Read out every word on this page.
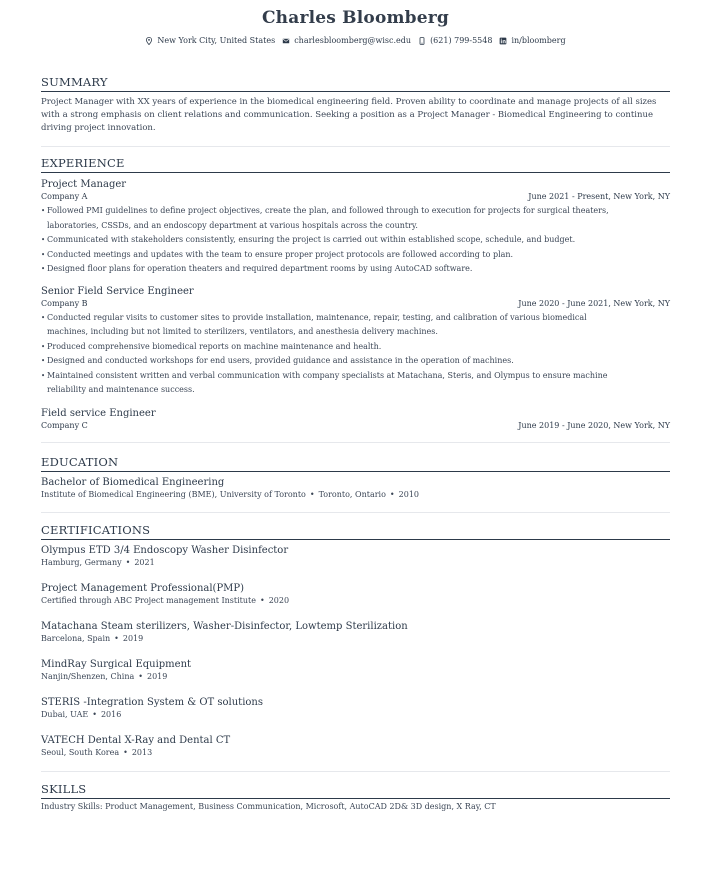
Charles Bloomberg
New York City, United States charlesbloomberg@wisc.edu (621) 799-5548 in/bloomberg
SUMMARY
Project Manager with XX years of experience in the biomedical engineering field. Proven ability to coordinate and manage projects of all sizes with a strong emphasis on client relations and communication. Seeking a position as a Project Manager - Biomedical Engineering to continue driving project innovation.
EXPERIENCE
Project Manager
Company A	June 2021 - Present, New York, NY
• Followed PMI guidelines to define project objectives, create the plan, and followed through to execution for projects for surgical theaters, laboratories, CSSDs, and an endoscopy department at various hospitals across the country.
• Communicated with stakeholders consistently, ensuring the project is carried out within established scope, schedule, and budget.
• Conducted meetings and updates with the team to ensure proper project protocols are followed according to plan.
• Designed floor plans for operation theaters and required department rooms by using AutoCAD software.
Senior Field Service Engineer
Company B	June 2020 - June 2021, New York, NY
• Conducted regular visits to customer sites to provide installation, maintenance, repair, testing, and calibration of various biomedical machines, including but not limited to sterilizers, ventilators, and anesthesia delivery machines.
• Produced comprehensive biomedical reports on machine maintenance and health.
• Designed and conducted workshops for end users, provided guidance and assistance in the operation of machines.
• Maintained consistent written and verbal communication with company specialists at Matachana, Steris, and Olympus to ensure machine reliability and maintenance success.
Field service Engineer
Company C	June 2019 - June 2020, New York, NY
EDUCATION
Bachelor of Biomedical Engineering
Institute of Biomedical Engineering (BME), University of Toronto • Toronto, Ontario • 2010
CERTIFICATIONS
Olympus ETD 3/4 Endoscopy Washer Disinfector
Hamburg, Germany • 2021
Project Management Professional(PMP)
Certified through ABC Project management Institute • 2020
Matachana Steam sterilizers, Washer-Disinfector, Lowtemp Sterilization
Barcelona, Spain • 2019
MindRay Surgical Equipment
Nanjin/Shenzen, China • 2019
STERIS -Integration System & OT solutions
Dubai, UAE • 2016
VATECH Dental X-Ray and Dental CT
Seoul, South Korea • 2013
SKILLS
Industry Skills: Product Management, Business Communication, Microsoft, AutoCAD 2D& 3D design, X Ray, CT
